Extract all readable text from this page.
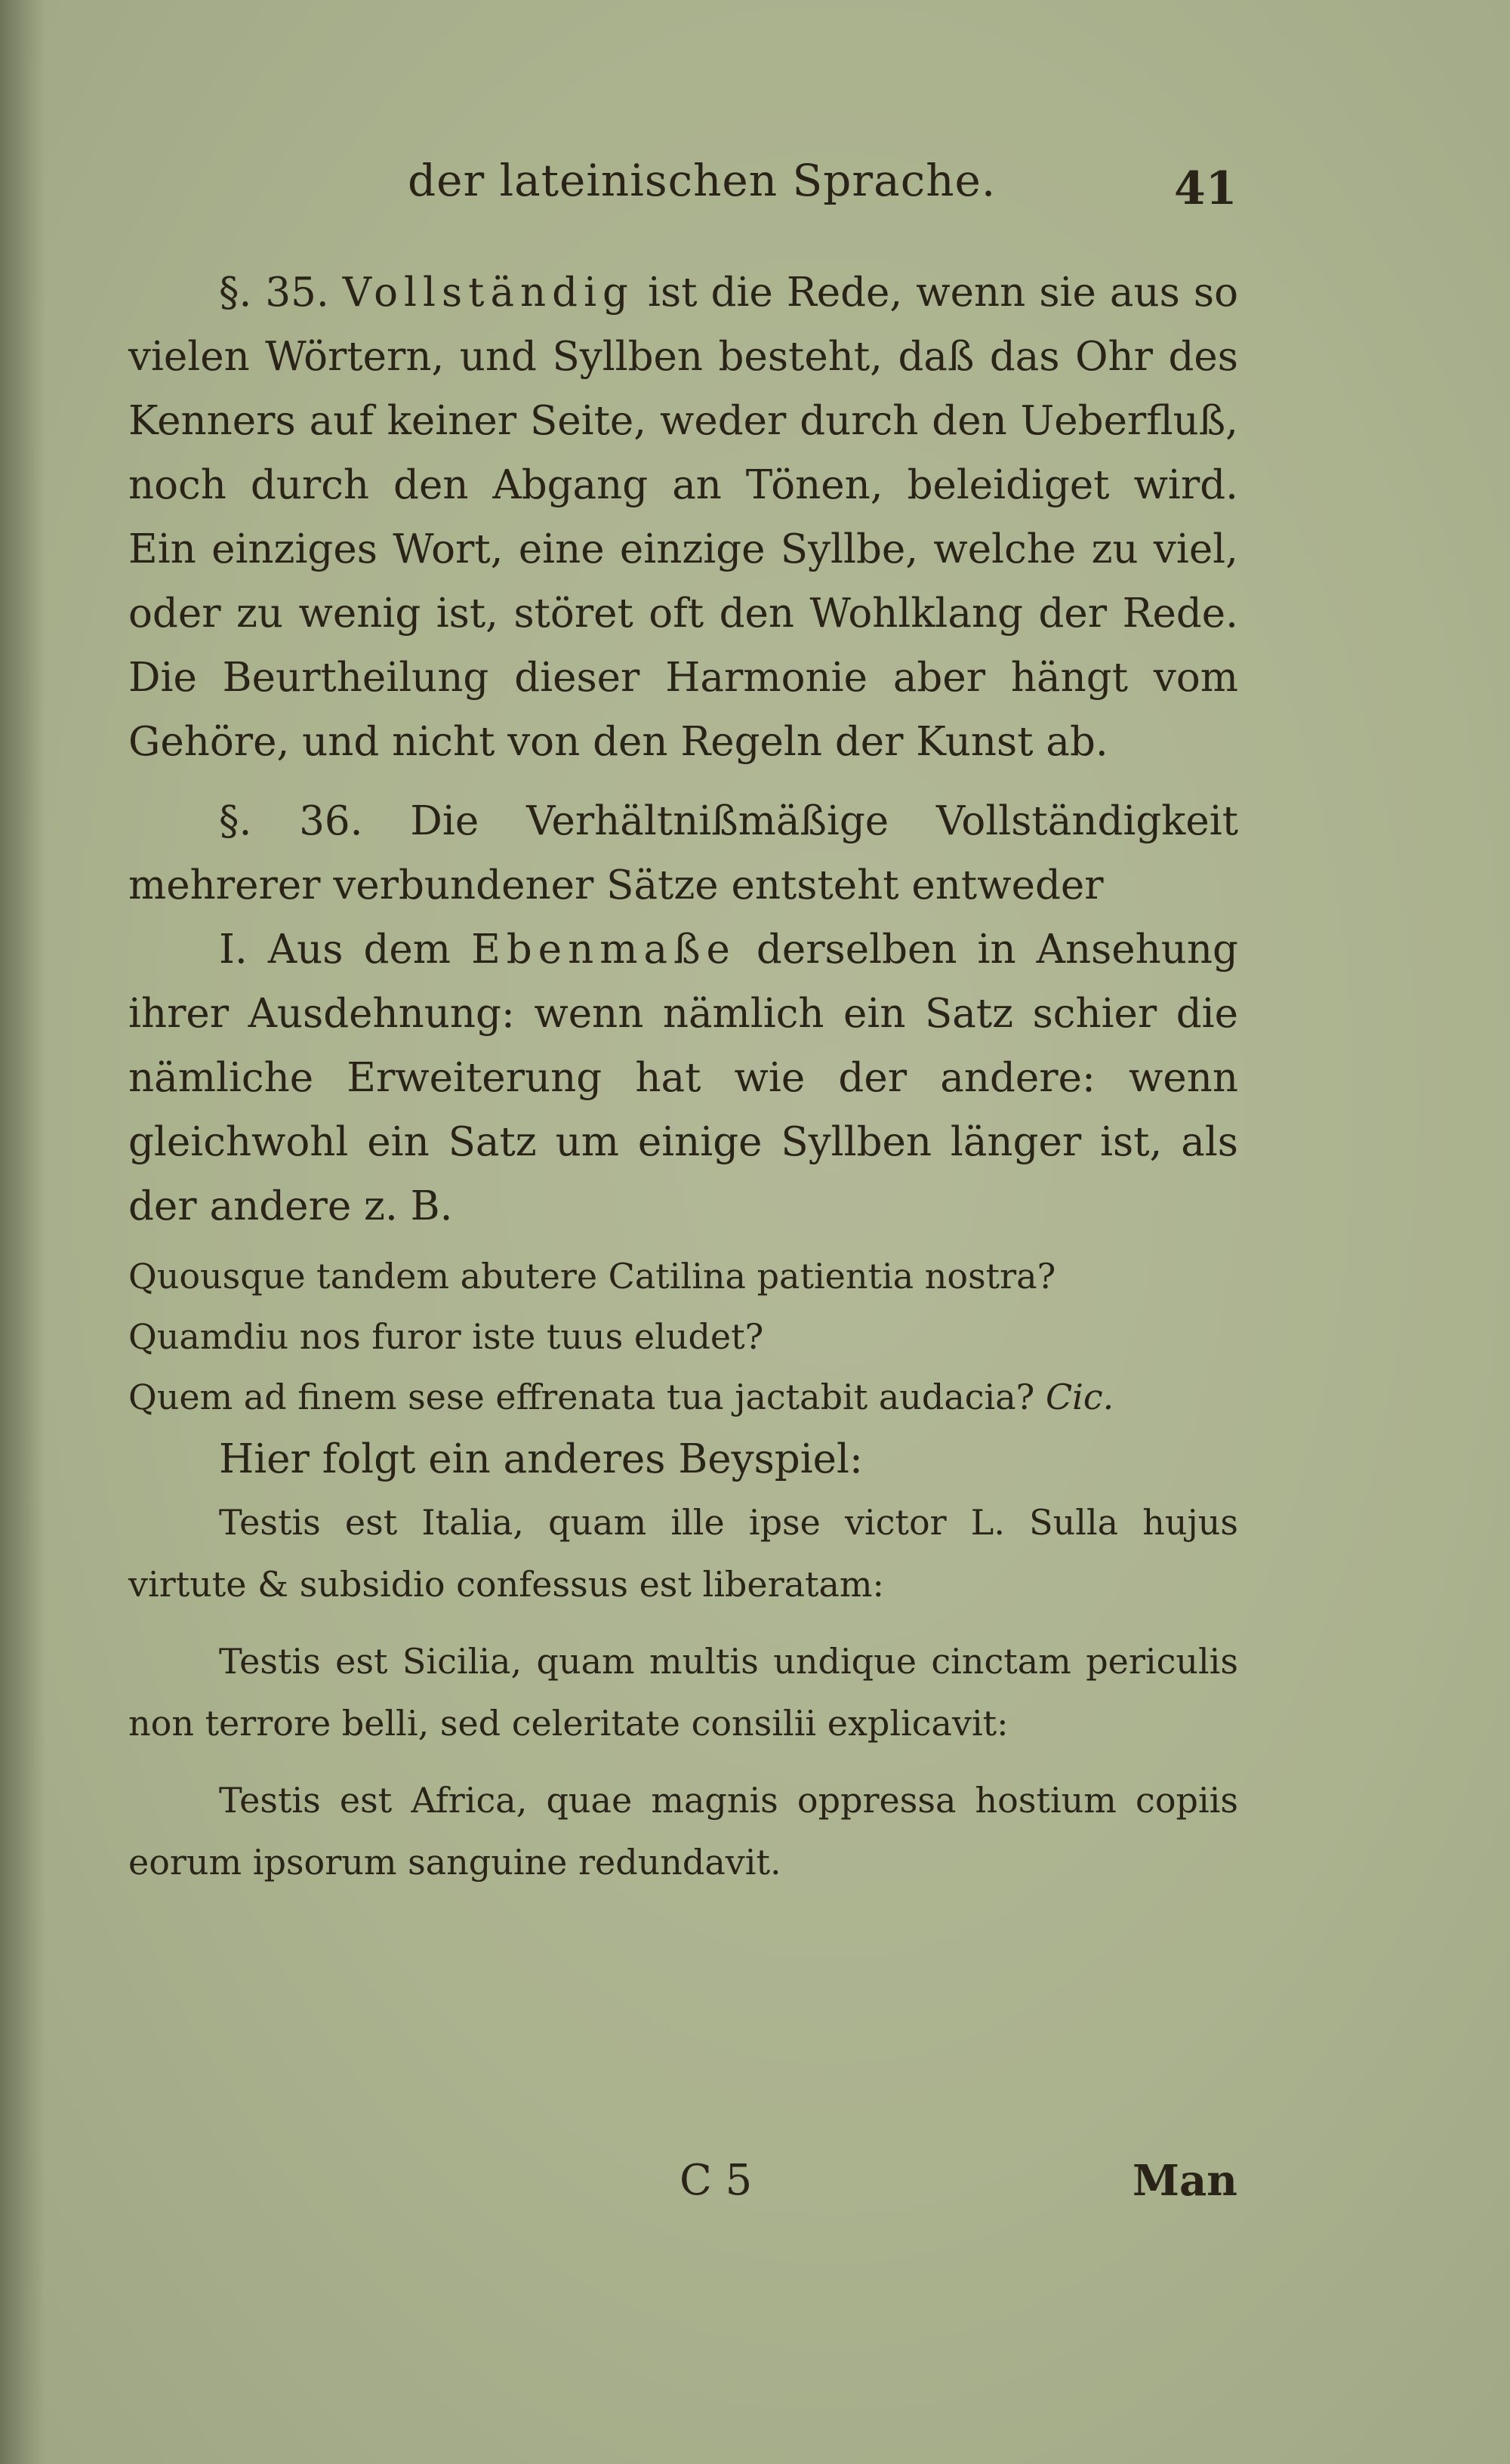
der lateinischen Sprache.	41

§. 35. Vollständig ist die Rede, wenn sie aus so vielen Wörtern, und Syllben besteht, daß das Ohr des Kenners auf keiner Seite, weder durch den Ueberfluß, noch durch den Abgang an Tönen, beleidiget wird. Ein einziges Wort, eine einzige Syllbe, welche zu viel, oder zu wenig ist, störet oft den Wohlklang der Rede. Die Beurtheilung dieser Harmonie aber hängt vom Gehöre, und nicht von den Regeln der Kunst ab.

§. 36. Die Verhältnißmäßige Vollständigkeit mehrerer verbundener Sätze entsteht entweder

I. Aus dem Ebenmaße derselben in Ansehung ihrer Ausdehnung: wenn nämlich ein Satz schier die nämliche Erweiterung hat wie der andere: wenn gleichwohl ein Satz um einige Syllben länger ist, als der andere z. B.

Quousque tandem abutere Catilina patientia nostra?
Quamdiu nos furor iste tuus eludet?
Quem ad finem sese effrenata tua jactabit audacia? Cic.

Hier folgt ein anderes Beyspiel:

Testis est Italia, quam ille ipse victor L. Sulla hujus virtute & subsidio confessus est liberatam:

Testis est Sicilia, quam multis undique cinctam periculis non terrore belli, sed celeritate consilii explicavit:

Testis est Africa, quae magnis oppressa hostium copiis eorum ipsorum sanguine redundavit.

C 5	Man
